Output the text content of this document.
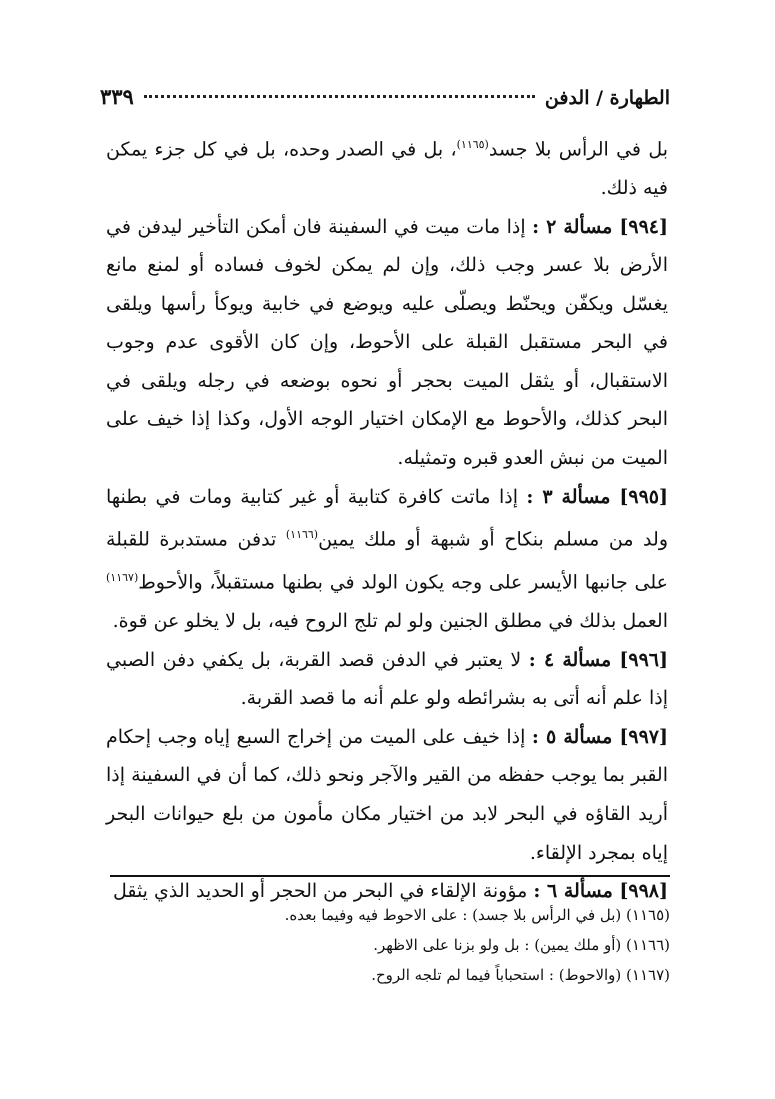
الطهارة / الدفن
٣٣٩

بل في الرأس بلا جسد$^{(١١٦٥)}$، بل في الصدر وحده، بل في كل جزء يمكن فيه ذلك.

[٩٩٤] مسألة ٢ : إذا مات ميت في السفينة فان أمكن التأخير ليدفن في الأرض بلا عسر وجب ذلك، وإن لم يمكن لخوف فساده أو لمنع مانع يغسّل ويكفّن ويحنّط ويصلّى عليه ويوضع في خابية ويوكأ رأسها ويلقى في البحر مستقبل القبلة على الأحوط، وإن كان الأقوى عدم وجوب الاستقبال، أو يثقل الميت بحجر أو نحوه بوضعه في رجله ويلقى في البحر كذلك، والأحوط مع الإمكان اختيار الوجه الأول، وكذا إذا خيف على الميت من نبش العدو قبره وتمثيله.

[٩٩٥] مسألة ٣ : إذا ماتت كافرة كتابية أو غير كتابية ومات في بطنها ولد من مسلم بنكاح أو شبهة أو ملك يمين$^{(١١٦٦)}$ تدفن مستدبرة للقبلة على جانبها الأيسر على وجه يكون الولد في بطنها مستقبلاً، والأحوط$^{(١١٦٧)}$ العمل بذلك في مطلق الجنين ولو لم تلج الروح فيه، بل لا يخلو عن قوة.

[٩٩٦] مسألة ٤ : لا يعتبر في الدفن قصد القربة، بل يكفي دفن الصبي إذا علم أنه أتى به بشرائطه ولو علم أنه ما قصد القربة.

[٩٩٧] مسألة ٥ : إذا خيف على الميت من إخراج السبع إياه وجب إحكام القبر بما يوجب حفظه من القير والآجر ونحو ذلك، كما أن في السفينة إذا أريد القاؤه في البحر لابد من اختيار مكان مأمون من بلع حيوانات البحر إياه بمجرد الإلقاء.

[٩٩٨] مسألة ٦ : مؤونة الإلقاء في البحر من الحجر أو الحديد الذي يثقل

(١١٦٥) (بل في الرأس بلا جسد) : على الاحوط فيه وفيما بعده.

(١١٦٦) (أو ملك يمين) : بل ولو بزنا على الاظهر.

(١١٦٧) (والاحوط) : استحباباً فيما لم تلجه الروح.
